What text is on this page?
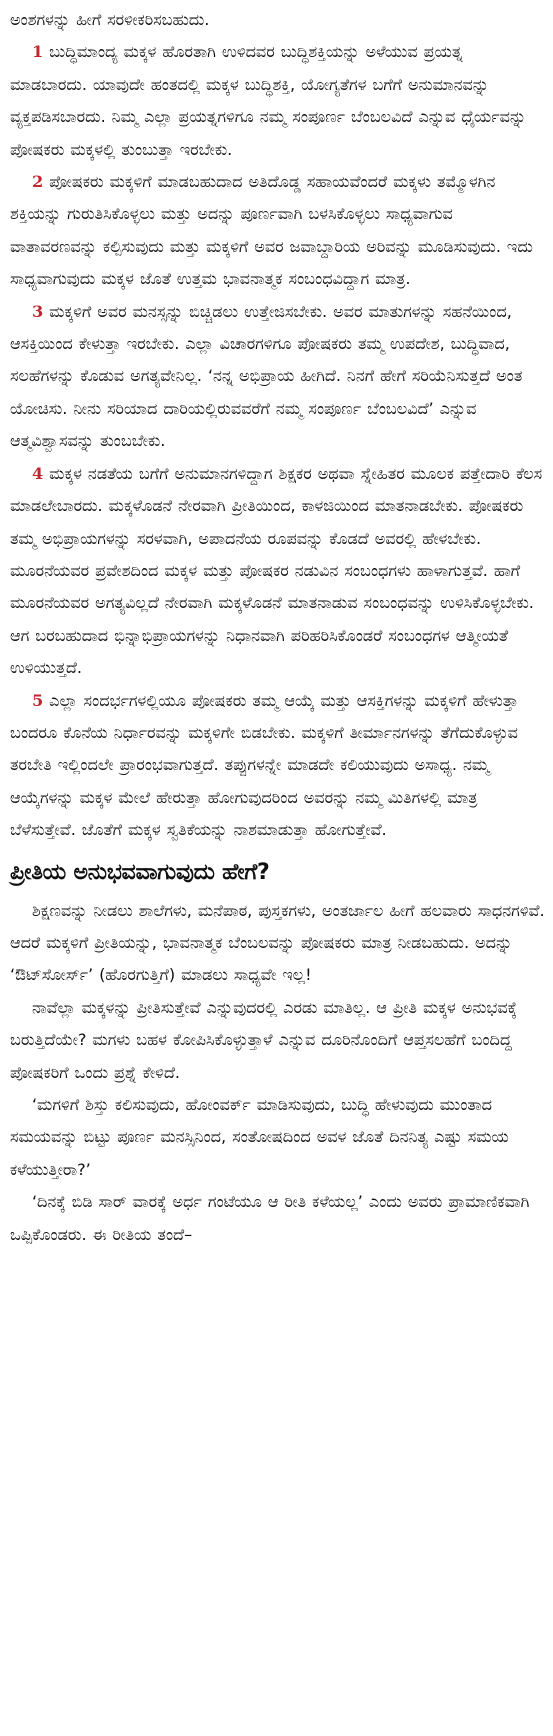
ಅಂಶಗಳನ್ನು ಹೀಗೆ ಸರಳೀಕರಿಸಬಹುದು.

1 ಬುದ್ಧಿಮಾಂದ್ಯ ಮಕ್ಕಳ ಹೊರತಾಗಿ ಉಳಿದವರ ಬುದ್ಧಿಶಕ್ತಿಯನ್ನು ಅಳೆಯುವ ಪ್ರಯತ್ನ ಮಾಡಬಾರದು. ಯಾವುದೇ ಹಂತದಲ್ಲಿ ಮಕ್ಕಳ ಬುದ್ಧಿಶಕ್ತಿ, ಯೋಗ್ಯತೆಗಳ ಬಗೆಗೆ ಅನುಮಾನವನ್ನು ವ್ಯಕ್ತಪಡಿಸಬಾರದು. ನಿಮ್ಮ ಎಲ್ಲಾ ಪ್ರಯತ್ನಗಳಿಗೂ ನಮ್ಮ ಸಂಪೂರ್ಣ ಬೆಂಬಲವಿದೆ ಎನ್ನುವ ಧೈರ್ಯವನ್ನು ಪೋಷಕರು ಮಕ್ಕಳಲ್ಲಿ ತುಂಬುತ್ತಾ ಇರಬೇಕು.

2 ಪೋಷಕರು ಮಕ್ಕಳಿಗೆ ಮಾಡಬಹುದಾದ ಅತಿದೊಡ್ಡ ಸಹಾಯವೆಂದರೆ ಮಕ್ಕಳು ತಮ್ಮೊಳಗಿನ ಶಕ್ತಿಯನ್ನು ಗುರುತಿಸಿಕೊಳ್ಳಲು ಮತ್ತು ಅದನ್ನು ಪೂರ್ಣವಾಗಿ ಬಳಸಿಕೊಳ್ಳಲು ಸಾಧ್ಯವಾಗುವ ವಾತಾವರಣವನ್ನು ಕಲ್ಪಿಸುವುದು ಮತ್ತು ಮಕ್ಕಳಿಗೆ ಅವರ ಜವಾಬ್ದಾರಿಯ ಅರಿವನ್ನು ಮೂಡಿಸುವುದು. ಇದು ಸಾಧ್ಯವಾಗುವುದು ಮಕ್ಕಳ ಜೊತೆ ಉತ್ತಮ ಭಾವನಾತ್ಮಕ ಸಂಬಂಧವಿದ್ದಾಗ ಮಾತ್ರ.

3 ಮಕ್ಕಳಿಗೆ ಅವರ ಮನಸ್ಸನ್ನು ಬಿಚ್ಚಿಡಲು ಉತ್ತೇಜಿಸಬೇಕು. ಅವರ ಮಾತುಗಳನ್ನು ಸಹನೆಯಿಂದ, ಆಸಕ್ತಿಯಿಂದ ಕೇಳುತ್ತಾ ಇರಬೇಕು. ಎಲ್ಲಾ ವಿಚಾರಗಳಿಗೂ ಪೋಷಕರು ತಮ್ಮ ಉಪದೇಶ, ಬುದ್ಧಿವಾದ, ಸಲಹೆಗಳನ್ನು ಕೊಡುವ ಅಗತ್ಯವೇನಿಲ್ಲ. ‘ನನ್ನ ಅಭಿಪ್ರಾಯ ಹೀಗಿದೆ. ನಿನಗೆ ಹೇಗೆ ಸರಿಯೆನಿಸುತ್ತದೆ ಅಂತ ಯೋಚಿಸು. ನೀನು ಸರಿಯಾದ ದಾರಿಯಲ್ಲಿರುವವರೆಗೆ ನಮ್ಮ ಸಂಪೂರ್ಣ ಬೆಂಬಲವಿದೆ’ ಎನ್ನುವ ಆತ್ಮವಿಶ್ವಾಸವನ್ನು ತುಂಬಬೇಕು.

4 ಮಕ್ಕಳ ನಡತೆಯ ಬಗೆಗೆ ಅನುಮಾನಗಳಿದ್ದಾಗ ಶಿಕ್ಷಕರ ಅಥವಾ ಸ್ನೇಹಿತರ ಮೂಲಕ ಪತ್ತೇದಾರಿ ಕೆಲಸ ಮಾಡಲೇಬಾರದು. ಮಕ್ಕಳೊಡನೆ ನೇರವಾಗಿ ಪ್ರೀತಿಯಿಂದ, ಕಾಳಜಿಯಿಂದ ಮಾತನಾಡಬೇಕು. ಪೋಷಕರು ತಮ್ಮ ಅಭಿಪ್ರಾಯಗಳನ್ನು ಸರಳವಾಗಿ, ಅಪಾದನೆಯ ರೂಪವನ್ನು ಕೊಡದೆ ಅವರಲ್ಲಿ ಹೇಳಬೇಕು. ಮೂರನೆಯವರ ಪ್ರವೇಶದಿಂದ ಮಕ್ಕಳ ಮತ್ತು ಪೋಷಕರ ನಡುವಿನ ಸಂಬಂಧಗಳು ಹಾಳಾಗುತ್ತವೆ. ಹಾಗೆ ಮೂರನೆಯವರ ಅಗತ್ಯವಿಲ್ಲದೆ ನೇರವಾಗಿ ಮಕ್ಕಳೊಡನೆ ಮಾತನಾಡುವ ಸಂಬಂಧವನ್ನು ಉಳಿಸಿಕೊಳ್ಳಬೇಕು. ಆಗ ಬರಬಹುದಾದ ಭಿನ್ನಾಭಿಪ್ರಾಯಗಳನ್ನು ನಿಧಾನವಾಗಿ ಪರಿಹರಿಸಿಕೊಂಡರೆ ಸಂಬಂಧಗಳ ಆತ್ಮೀಯತೆ ಉಳಿಯುತ್ತದೆ.

5 ಎಲ್ಲಾ ಸಂದರ್ಭಗಳಲ್ಲಿಯೂ ಪೋಷಕರು ತಮ್ಮ ಆಯ್ಕೆ ಮತ್ತು ಆಸಕ್ತಿಗಳನ್ನು ಮಕ್ಕಳಿಗೆ ಹೇಳುತ್ತಾ ಬಂದರೂ ಕೊನೆಯ ನಿರ್ಧಾರವನ್ನು ಮಕ್ಕಳಿಗೇ ಬಿಡಬೇಕು. ಮಕ್ಕಳಿಗೆ ತೀರ್ಮಾನಗಳನ್ನು ತೆಗೆದುಕೊಳ್ಳುವ ತರಬೇತಿ ಇಲ್ಲಿಂದಲೇ ಪ್ರಾರಂಭವಾಗುತ್ತದೆ. ತಪ್ಪುಗಳನ್ನೇ ಮಾಡದೇ ಕಲಿಯುವುದು ಅಸಾಧ್ಯ. ನಮ್ಮ ಆಯ್ಕೆಗಳನ್ನು ಮಕ್ಕಳ ಮೇಲೆ ಹೇರುತ್ತಾ ಹೋಗುವುದರಿಂದ ಅವರನ್ನು ನಮ್ಮ ಮಿತಿಗಳಲ್ಲಿ ಮಾತ್ರ ಬೆಳೆಸುತ್ತೇವೆ. ಜೊತೆಗೆ ಮಕ್ಕಳ ಸ್ವತಿಕೆಯನ್ನು ನಾಶಮಾಡುತ್ತಾ ಹೋಗುತ್ತೇವೆ.

ಪ್ರೀತಿಯ ಅನುಭವವಾಗುವುದು ಹೇಗೆ?

ಶಿಕ್ಷಣವನ್ನು ನೀಡಲು ಶಾಲೆಗಳು, ಮನೆಪಾಠ, ಪುಸ್ತಕಗಳು, ಅಂತರ್ಜಾಲ ಹೀಗೆ ಹಲವಾರು ಸಾಧನಗಳಿವೆ. ಆದರೆ ಮಕ್ಕಳಿಗೆ ಪ್ರೀತಿಯನ್ನು, ಭಾವನಾತ್ಮಕ ಬೆಂಬಲವನ್ನು ಪೋಷಕರು ಮಾತ್ರ ನೀಡಬಹುದು. ಅದನ್ನು ‘ಔಟ್‌ಸೋರ್ಸ್’ (ಹೊರಗುತ್ತಿಗೆ) ಮಾಡಲು ಸಾಧ್ಯವೇ ಇಲ್ಲ!

ನಾವೆಲ್ಲಾ ಮಕ್ಕಳನ್ನು ಪ್ರೀತಿಸುತ್ತೇವೆ ಎನ್ನುವುದರಲ್ಲಿ ಎರಡು ಮಾತಿಲ್ಲ. ಆ ಪ್ರೀತಿ ಮಕ್ಕಳ ಅನುಭವಕ್ಕೆ ಬರುತ್ತಿದೆಯೇ? ಮಗಳು ಬಹಳ ಕೋಪಿಸಿಕೊಳ್ಳುತ್ತಾಳೆ ಎನ್ನುವ ದೂರಿನೊಂದಿಗೆ ಆಪ್ತಸಲಹೆಗೆ ಬಂದಿದ್ದ ಪೋಷಕರಿಗೆ ಒಂದು ಪ್ರಶ್ನೆ ಕೇಳಿದೆ.

‘ಮಗಳಿಗೆ ಶಿಸ್ತು ಕಲಿಸುವುದು, ಹೋಂವರ್ಕ್ ಮಾಡಿಸುವುದು, ಬುದ್ಧಿ ಹೇಳುವುದು ಮುಂತಾದ ಸಮಯವನ್ನು ಬಿಟ್ಟು ಪೂರ್ಣ ಮನಸ್ಸಿನಿಂದ, ಸಂತೋಷದಿಂದ ಅವಳ ಜೊತೆ ದಿನನಿತ್ಯ ಎಷ್ಟು ಸಮಯ ಕಳೆಯುತ್ತೀರಾ?’

‘ದಿನಕ್ಕೆ ಬಿಡಿ ಸಾರ್ ವಾರಕ್ಕೆ ಅರ್ಧ ಗಂಟೆಯೂ ಆ ರೀತಿ ಕಳೆಯಲ್ಲ’ ಎಂದು ಅವರು ಪ್ರಾಮಾಣಿಕವಾಗಿ ಒಪ್ಪಿಕೊಂಡರು. ಈ ರೀತಿಯ ತಂದೆ–
